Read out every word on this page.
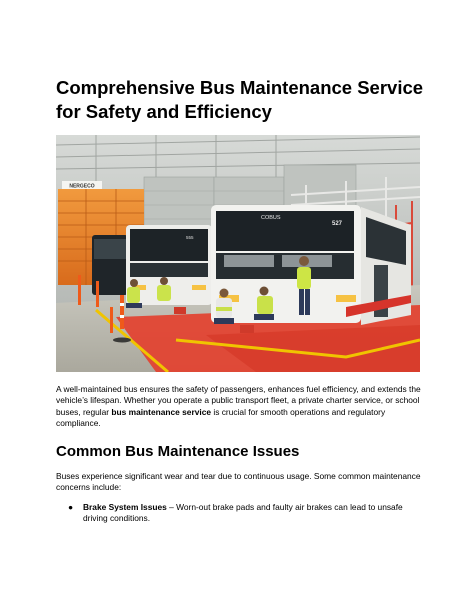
Comprehensive Bus Maintenance Service for Safety and Efficiency
NERGECO
555
COBUS
527

A well-maintained bus ensures the safety of passengers, enhances fuel efficiency, and extends the vehicle’s lifespan. Whether you operate a public transport fleet, a private charter service, or school buses, regular bus maintenance service is crucial for smooth operations and regulatory compliance.

Common Bus Maintenance Issues

Buses experience significant wear and tear due to continuous usage. Some common maintenance concerns include:

● Brake System Issues – Worn-out brake pads and faulty air brakes can lead to unsafe driving conditions.
